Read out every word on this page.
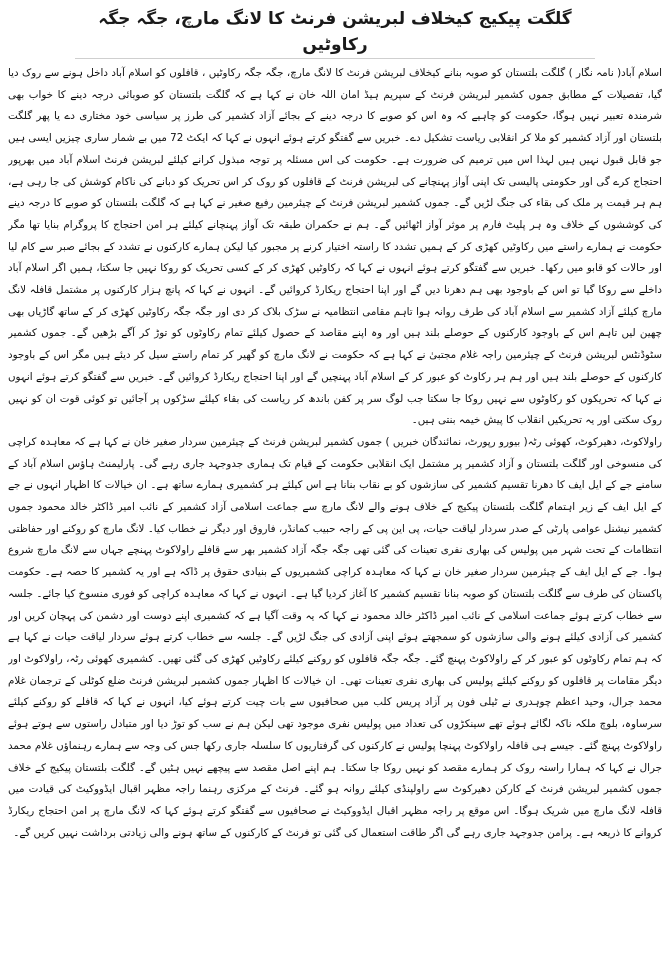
گلگت پیکیج کیخلاف لبریشن فرنٹ کا لانگ مارچ، جگہ جگہ رکاوٹیں

اسلام آباد( نامہ نگار ) گلگت بلتستان کو صوبہ بنانے کیخلاف لبریشن فرنٹ کا لانگ مارچ، جگہ جگہ رکاوٹیں ، قافلوں کو اسلام آباد داخل ہونے سے روک دیا گیا، تفصیلات کے مطابق جموں کشمیر لبریشن فرنٹ کے سپریم ہیڈ امان اللہ خان نے کہا ہے کہ گلگت بلتستان کو صوبائی درجہ دینے کا خواب بھی شرمندہ تعبیر نہیں ہوگا، حکومت کو چاہیے کہ وہ اس کو صوبے کا درجہ دینے کے بجائے آزاد کشمیر کی طرز پر سیاسی خود مختاری دے یا پھر گلگت بلتستان اور آزاد کشمیر کو ملا کر انقلابی ریاست تشکیل دے۔ خبریں سے گفتگو کرتے ہوئے انہوں نے کہا کہ ایکٹ 72 میں بے شمار ساری چیزیں ایسی ہیں جو قابل قبول نہیں ہیں لہذا اس میں ترمیم کی ضرورت ہے۔ حکومت کی اس مسئلہ پر توجہ مبذول کرانے کیلئے لبریشن فرنٹ اسلام آباد میں بھرپور احتجاج کرے گی اور حکومتی پالیسی تک اپنی آواز پہنچانے کی لبریشن فرنٹ کے قافلوں کو روک کر اس تحریک کو دبانے کی ناکام کوشش کی جا رہی ہے، ہم ہر قیمت پر ملک کی بقاء کی جنگ لڑیں گے۔ جموں کشمیر لبریشن فرنٹ کے چیئرمین رفیع صغیر نے کہا ہے کہ گلگت بلتستان کو صوبے کا درجہ دینے کی کوششوں کے خلاف وہ ہر پلیٹ فارم پر موثر آواز اٹھائیں گے۔ ہم نے حکمران طبقہ تک آواز پہنچانے کیلئے ہر امن احتجاج کا پروگرام بنایا تھا مگر حکومت نے ہمارے راستے میں رکاوٹیں کھڑی کر کے ہمیں تشدد کا راستہ اختیار کرنے پر مجبور کیا لیکن ہمارے کارکنوں نے تشدد کے بجائے صبر سے کام لیا اور حالات کو قابو میں رکھا۔ خبریں سے گفتگو کرتے ہوئے انہوں نے کہا کہ رکاوٹیں کھڑی کر کے کسی تحریک کو روکا نہیں جا سکتا، ہمیں اگر اسلام آباد داخلے سے روکا گیا تو اس کے باوجود بھی ہم دھرنا دیں گے اور اپنا احتجاج ریکارڈ کروائیں گے۔ انہوں نے کہا کہ پانچ ہزار کارکنوں پر مشتمل قافلہ لانگ مارچ کیلئے آزاد کشمیر سے اسلام آباد کی طرف روانہ ہوا تاہم مقامی انتظامیہ نے سڑک بلاک کر دی اور جگہ جگہ رکاوٹیں کھڑی کر کے ساتھ گاڑیاں بھی چھین لیں تاہم اس کے باوجود کارکنوں کے حوصلے بلند ہیں اور وہ اپنے مقاصد کے حصول کیلئے تمام رکاوٹوں کو توڑ کر آگے بڑھیں گے۔ جموں کشمیر سٹوڈنٹس لبریشن فرنٹ کے چیئرمین راجہ غلام مجتبیٰ نے کہا ہے کہ حکومت نے لانگ مارچ کو گھیر کر تمام راستے سیل کر دیئے ہیں مگر اس کے باوجود کارکنوں کے حوصلے بلند ہیں اور ہم ہر رکاوٹ کو عبور کر کے اسلام آباد پہنچیں گے اور اپنا احتجاج ریکارڈ کروائیں گے۔ خبریں سے گفتگو کرتے ہوئے انہوں نے کہا کہ تحریکوں کو رکاوٹوں سے نہیں روکا جا سکتا جب لوگ سر پر کفن باندھ کر ریاست کی بقاء کیلئے سڑکوں پر آجائیں تو کوئی قوت ان کو نہیں روک سکتی اور یہ تحریکیں انقلاب کا پیش خیمہ بنتی ہیں۔

راولاکوٹ، دھیرکوٹ، کھوئی رٹہ( بیورو رپورٹ، نمائندگان خبریں ) جموں کشمیر لبریشن فرنٹ کے چیئرمین سردار صغیر خان نے کہا ہے کہ معاہدہ کراچی کی منسوخی اور گلگت بلتستان و آزاد کشمیر پر مشتمل ایک انقلابی حکومت کے قیام تک ہماری جدوجہد جاری رہے گی۔ پارلیمنٹ ہاؤس اسلام آباد کے سامنے جے کے ایل ایف کا دھرنا تقسیم کشمیر کی سازشوں کو بے نقاب بنانا ہے اس کیلئے ہر کشمیری ہمارے ساتھ ہے۔ ان خیالات کا اظہار انہوں نے جے کے ایل ایف کے زیر اہتمام گلگت بلتستان پیکیج کے خلاف ہونے والے لانگ مارچ سے جماعت اسلامی آزاد کشمیر کے نائب امیر ڈاکٹر خالد محمود جموں کشمیر نیشنل عوامی پارٹی کے صدر سردار لیاقت حیات، پی این پی کے راجہ حبیب کمانڈر، فاروق اور دیگر نے خطاب کیا۔ لانگ مارچ کو روکنے اور حفاظتی انتظامات کے تحت شہر میں پولیس کی بھاری نفری تعینات کی گئی تھی جگہ جگہ آزاد کشمیر بھر سے قافلے راولاکوٹ پہنچے جہاں سے لانگ مارچ شروع ہوا۔ جے کے ایل ایف کے چیئرمین سردار صغیر خان نے کہا کہ معاہدہ کراچی کشمیریوں کے بنیادی حقوق پر ڈاکہ ہے اور یہ کشمیر کا حصہ ہے۔ حکومت پاکستان کی طرف سے گلگت بلتستان کو صوبہ بنانا تقسیم کشمیر کا آغاز کردیا گیا ہے۔ انہوں نے کہا کہ معاہدہ کراچی کو فوری منسوخ کیا جائے۔ جلسہ سے خطاب کرتے ہوئے جماعت اسلامی کے نائب امیر ڈاکٹر خالد محمود نے کہا کہ یہ وقت آگیا ہے کہ کشمیری اپنے دوست اور دشمن کی پہچان کریں اور کشمیر کی آزادی کیلئے ہونے والی سازشوں کو سمجھتے ہوئے اپنی آزادی کی جنگ لڑیں گے۔ جلسہ سے خطاب کرتے ہوئے سردار لیاقت حیات نے کہا ہے کہ ہم تمام رکاوٹوں کو عبور کر کے راولاکوٹ پہنچ گئے۔ جگہ جگہ قافلوں کو روکنے کیلئے رکاوٹیں کھڑی کی گئی تھیں۔ کشمیری کھوئی رٹہ، راولاکوٹ اور دیگر مقامات پر قافلوں کو روکنے کیلئے پولیس کی بھاری نفری تعینات تھی۔ ان خیالات کا اظہار جموں کشمیر لبریشن فرنٹ ضلع کوٹلی کے ترجمان غلام محمد جرال، وحید اعظم چوہدری نے ٹیلی فون پر آزاد پریس کلب میں صحافیوں سے بات چیت کرتے ہوئے کیا، انہوں نے کہا کہ قافلے کو روکنے کیلئے سرساوہ، بلوچ ملکہ ناکہ لگائے ہوئے تھے سینکڑوں کی تعداد میں پولیس نفری موجود تھی لیکن ہم نے سب کو توڑ دیا اور متبادل راستوں سے ہوتے ہوئے راولاکوٹ پہنچ گئے۔ جیسے ہی قافلہ راولاکوٹ پہنچا پولیس نے کارکنوں کی گرفتاریوں کا سلسلہ جاری رکھا جس کی وجہ سے ہمارے رہنماؤں غلام محمد جرال نے کہا کہ ہمارا راستہ روک کر ہمارے مقصد کو نہیں روکا جا سکتا۔ ہم اپنے اصل مقصد سے پیچھے نہیں ہٹیں گے۔ گلگت بلتستان پیکیج کے خلاف جموں کشمیر لبریشن فرنٹ کے کارکن دھیرکوٹ سے راولپنڈی کیلئے روانہ ہو گئے۔ فرنٹ کے مرکزی رہنما راجہ مظہر اقبال ایڈووکیٹ کی قیادت میں قافلہ لانگ مارچ میں شریک ہوگا۔ اس موقع پر راجہ مظہر اقبال ایڈووکیٹ نے صحافیوں سے گفتگو کرتے ہوئے کہا کہ لانگ مارچ پر امن احتجاج ریکارڈ کروانے کا ذریعہ ہے۔ پرامن جدوجہد جاری رہے گی اگر طاقت استعمال کی گئی تو فرنٹ کے کارکنوں کے ساتھ ہونے والی زیادتی برداشت نہیں کریں گے۔
